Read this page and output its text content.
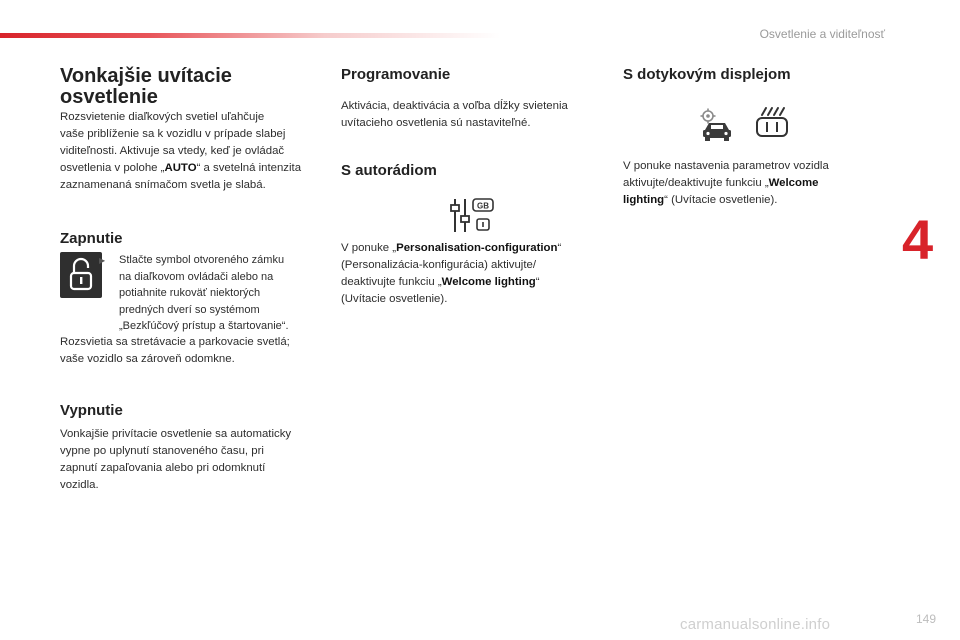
Osvetlenie a viditeľnosť
4
149
carmanualsonline.info
Vonkajšie uvítacie
osvetlenie

Rozsvietenie diaľkových svetiel uľahčuje

vaše priblíženie sa k vozidlu v prípade slabej

viditeľnosti. Aktivuje sa vtedy, keď je ovládač

osvetlenia v polohe „AUTO“ a svetelná intenzita

zaznamenaná snímačom svetla je slabá.

Zapnutie
▶ Stlačte symbol otvoreného zámku
na diaľkovom ovládači alebo na
potiahnite rukoväť niektorých
predných dverí so systémom
„Bezkľúčový prístup a štartovanie“.

Rozsvietia sa stretávacie a parkovacie svetlá;

vaše vozidlo sa zároveň odomkne.

Vypnutie

Vonkajšie privítacie osvetlenie sa automaticky

vypne po uplynutí stanoveného času, pri

zapnutí zapaľovania alebo pri odomknutí

vozidla.

Programovanie

Aktivácia, deaktivácia a voľba dĺžky svietenia

uvítacieho osvetlenia sú nastaviteľné.

S autorádiom
GB

V ponuke „Personalisation-configuration“

(Personalizácia-konfigurácia) aktivujte/

deaktivujte funkciu „Welcome lighting“

(Uvítacie osvetlenie).

S dotykovým displejom

V ponuke nastavenia parametrov vozidla

aktivujte/deaktivujte funkciu „Welcome

lighting“ (Uvítacie osvetlenie).
